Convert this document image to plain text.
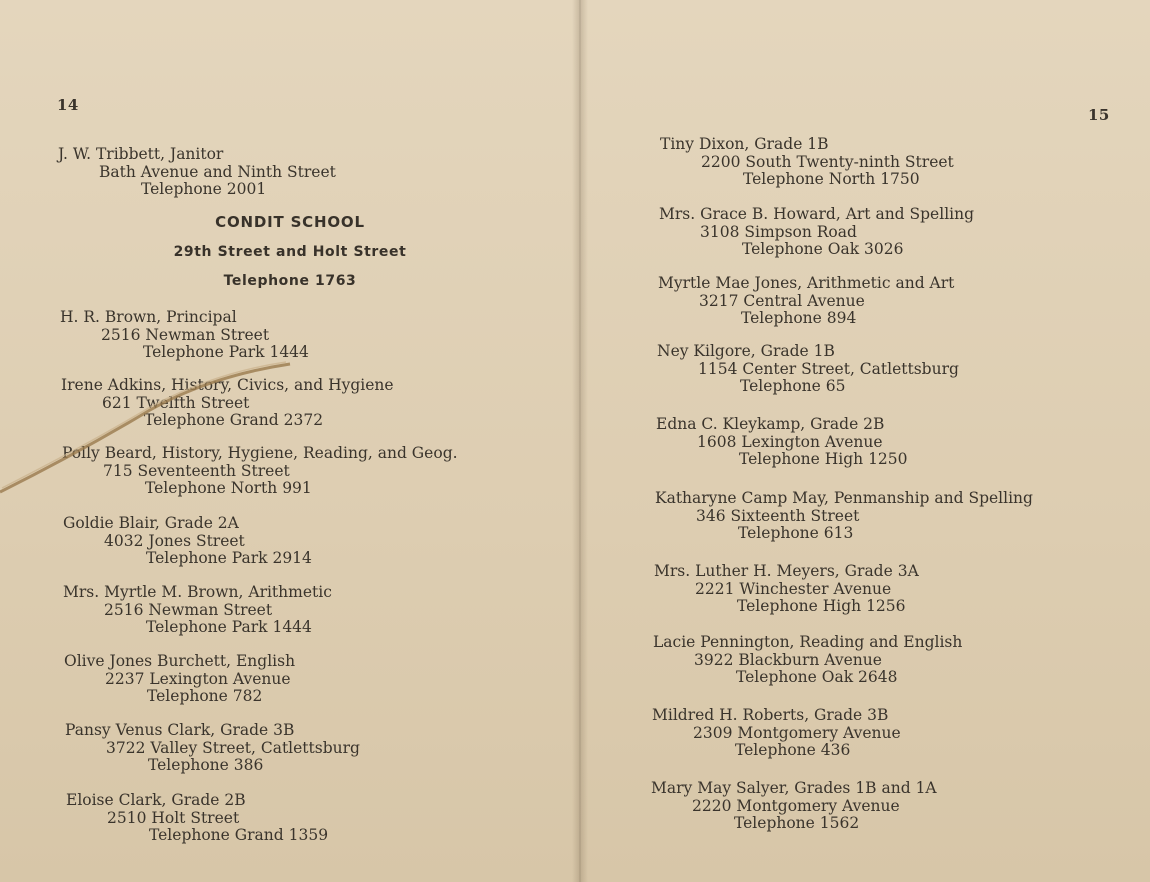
14
J. W. Tribbett, Janitor
Bath Avenue and Ninth Street
Telephone 2001
CONDIT SCHOOL
29th Street and Holt Street
Telephone 1763
H. R. Brown, Principal
2516 Newman Street
Telephone Park 1444
Irene Adkins, History, Civics, and Hygiene
621 Twelfth Street
Telephone Grand 2372
Polly Beard, History, Hygiene, Reading, and Geog.
715 Seventeenth Street
Telephone North 991
Goldie Blair, Grade 2A
4032 Jones Street
Telephone Park 2914
Mrs. Myrtle M. Brown, Arithmetic
2516 Newman Street
Telephone Park 1444
Olive Jones Burchett, English
2237 Lexington Avenue
Telephone 782
Pansy Venus Clark, Grade 3B
3722 Valley Street, Catlettsburg
Telephone 386
Eloise Clark, Grade 2B
2510 Holt Street
Telephone Grand 1359
15
Tiny Dixon, Grade 1B
2200 South Twenty-ninth Street
Telephone North 1750
Mrs. Grace B. Howard, Art and Spelling
3108 Simpson Road
Telephone Oak 3026
Myrtle Mae Jones, Arithmetic and Art
3217 Central Avenue
Telephone 894
Ney Kilgore, Grade 1B
1154 Center Street, Catlettsburg
Telephone 65
Edna C. Kleykamp, Grade 2B
1608 Lexington Avenue
Telephone High 1250
Katharyne Camp May, Penmanship and Spelling
346 Sixteenth Street
Telephone 613
Mrs. Luther H. Meyers, Grade 3A
2221 Winchester Avenue
Telephone High 1256
Lacie Pennington, Reading and English
3922 Blackburn Avenue
Telephone Oak 2648
Mildred H. Roberts, Grade 3B
2309 Montgomery Avenue
Telephone 436
Mary May Salyer, Grades 1B and 1A
2220 Montgomery Avenue
Telephone 1562
